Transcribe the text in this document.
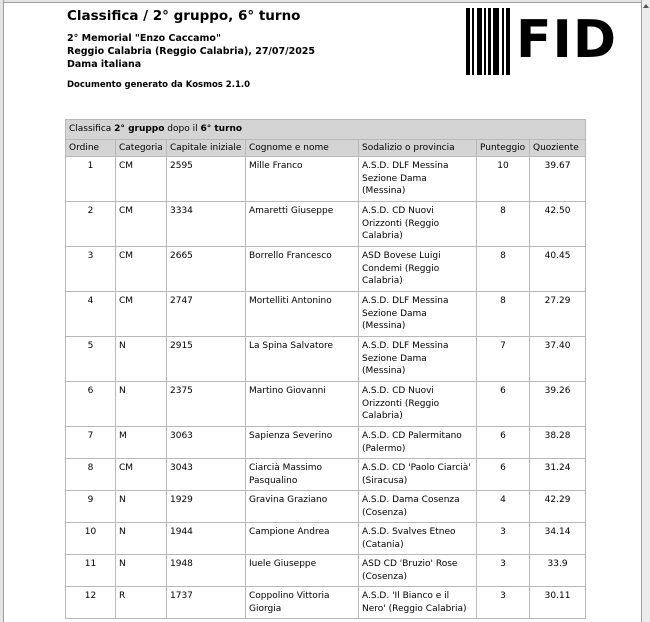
Classifica / 2° gruppo, 6° turno
2° Memorial "Enzo Caccamo"
Reggio Calabria (Reggio Calabria), 27/07/2025
Dama italiana
Documento generato da Kosmos 2.1.0
FID
Classifica 2° gruppo dopo il 6° turno						
Ordine	Categoria	Capitale iniziale	Cognome e nome	Sodalizio o provincia	Punteggio	Quoziente
1	CM	2595	Mille Franco	A.S.D. DLF Messina Sezione Dama (Messina)	10	39.67
2	CM	3334	Amaretti Giuseppe	A.S.D. CD Nuovi Orizzonti (Reggio Calabria)	8	42.50
3	CM	2665	Borrello Francesco	ASD Bovese Luigi Condemi (Reggio Calabria)	8	40.45
4	CM	2747	Mortelliti Antonino	A.S.D. DLF Messina Sezione Dama (Messina)	8	27.29
5	N	2915	La Spina Salvatore	A.S.D. DLF Messina Sezione Dama (Messina)	7	37.40
6	N	2375	Martino Giovanni	A.S.D. CD Nuovi Orizzonti (Reggio Calabria)	6	39.26
7	M	3063	Sapienza Severino	A.S.D. CD Palermitano (Palermo)	6	38.28
8	CM	3043	Ciarcià Massimo Pasqualino	A.S.D. CD 'Paolo Ciarcià' (Siracusa)	6	31.24
9	N	1929	Gravina Graziano	A.S.D. Dama Cosenza (Cosenza)	4	42.29
10	N	1944	Campione Andrea	A.S.D. Svalves Etneo (Catania)	3	34.14
11	N	1948	Iuele Giuseppe	ASD CD 'Bruzio' Rose (Cosenza)	3	33.9
12	R	1737	Coppolino Vittoria Giorgia	A.S.D. 'Il Bianco e il Nero' (Reggio Calabria)	3	30.11
